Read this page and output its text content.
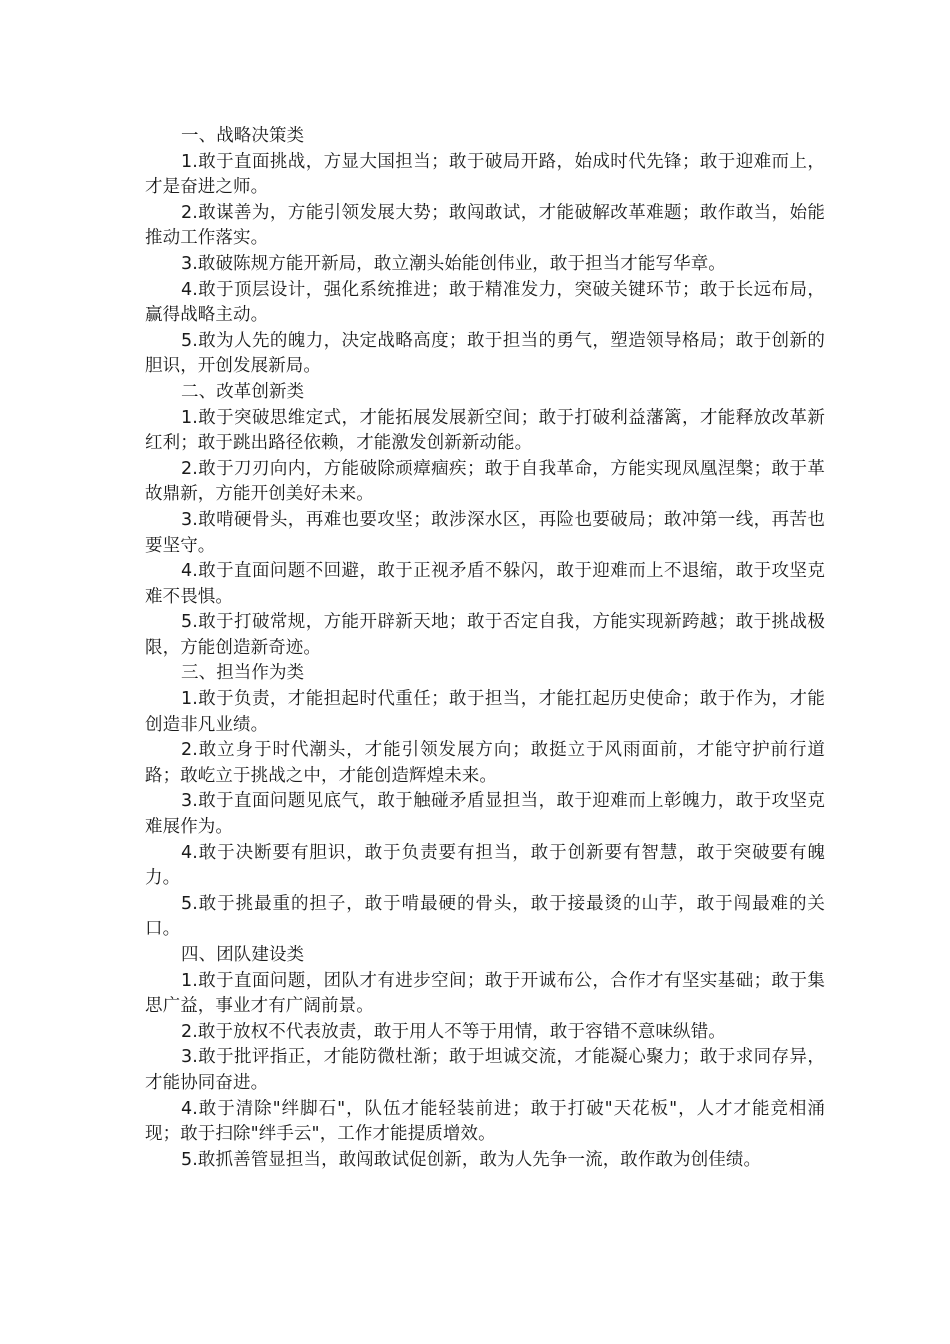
一、战略决策类

1.敢于直面挑战，方显大国担当；敢于破局开路，始成时代先锋；敢于迎难而上，才是奋进之师。

2.敢谋善为，方能引领发展大势；敢闯敢试，才能破解改革难题；敢作敢当，始能推动工作落实。

3.敢破陈规方能开新局，敢立潮头始能创伟业，敢于担当才能写华章。

4.敢于顶层设计，强化系统推进；敢于精准发力，突破关键环节；敢于长远布局，赢得战略主动。

5.敢为人先的魄力，决定战略高度；敢于担当的勇气，塑造领导格局；敢于创新的胆识，开创发展新局。

二、改革创新类

1.敢于突破思维定式，才能拓展发展新空间；敢于打破利益藩篱，才能释放改革新红利；敢于跳出路径依赖，才能激发创新新动能。

2.敢于刀刃向内，方能破除顽瘴痼疾；敢于自我革命，方能实现凤凰涅槃；敢于革故鼎新，方能开创美好未来。

3.敢啃硬骨头，再难也要攻坚；敢涉深水区，再险也要破局；敢冲第一线，再苦也要坚守。

4.敢于直面问题不回避，敢于正视矛盾不躲闪，敢于迎难而上不退缩，敢于攻坚克难不畏惧。

5.敢于打破常规，方能开辟新天地；敢于否定自我，方能实现新跨越；敢于挑战极限，方能创造新奇迹。

三、担当作为类

1.敢于负责，才能担起时代重任；敢于担当，才能扛起历史使命；敢于作为，才能创造非凡业绩。

2.敢立身于时代潮头，才能引领发展方向；敢挺立于风雨面前，才能守护前行道路；敢屹立于挑战之中，才能创造辉煌未来。

3.敢于直面问题见底气，敢于触碰矛盾显担当，敢于迎难而上彰魄力，敢于攻坚克难展作为。

4.敢于决断要有胆识，敢于负责要有担当，敢于创新要有智慧，敢于突破要有魄力。

5.敢于挑最重的担子，敢于啃最硬的骨头，敢于接最烫的山芋，敢于闯最难的关口。

四、团队建设类

1.敢于直面问题，团队才有进步空间；敢于开诚布公，合作才有坚实基础；敢于集思广益，事业才有广阔前景。

2.敢于放权不代表放责，敢于用人不等于用情，敢于容错不意味纵错。

3.敢于批评指正，才能防微杜渐；敢于坦诚交流，才能凝心聚力；敢于求同存异，才能协同奋进。

4.敢于清除"绊脚石"，队伍才能轻装前进；敢于打破"天花板"，人才才能竞相涌现；敢于扫除"绊手云"，工作才能提质增效。

5.敢抓善管显担当，敢闯敢试促创新，敢为人先争一流，敢作敢为创佳绩。
